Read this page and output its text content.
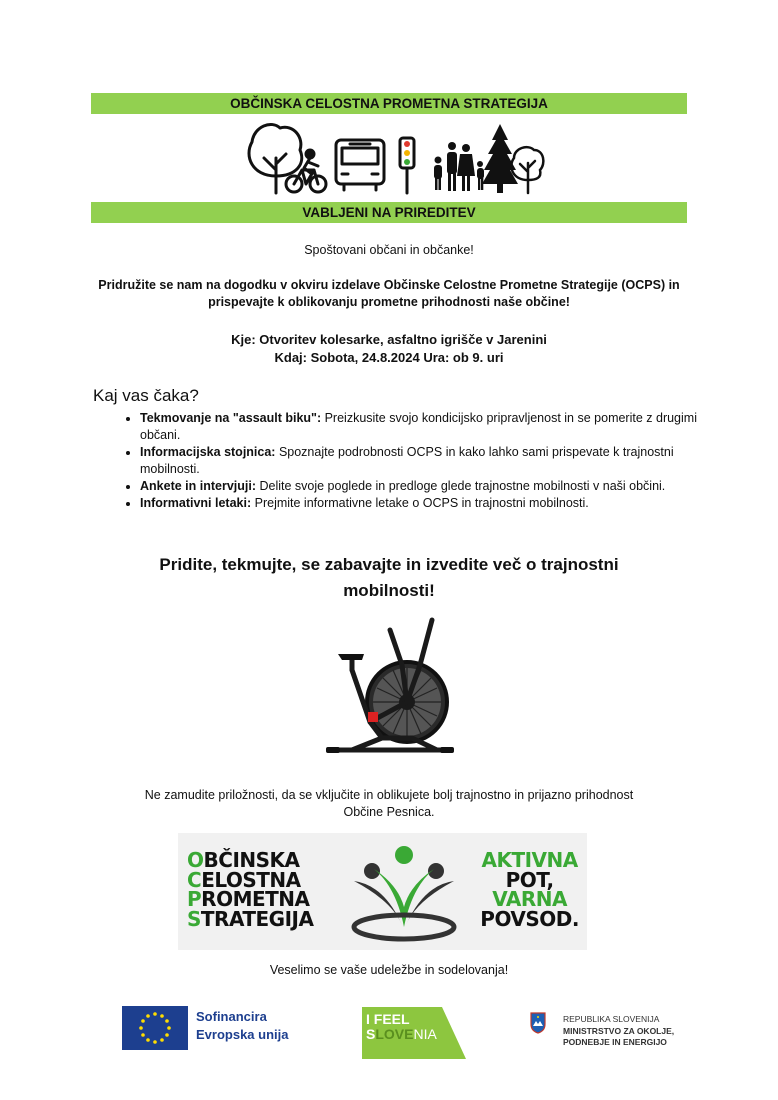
OBČINSKA CELOSTNA PROMETNA STRATEGIJA
VABLJENI NA PRIREDITEV
Spoštovani občani in občanke!
Pridružite se nam na dogodku v okviru izdelave Občinske Celostne Prometne Strategije (OCPS) in
prispevajte k oblikovanju prometne prihodnosti naše občine!
Kje: Otvoritev kolesarke, asfaltno igrišče v Jarenini
Kdaj: Sobota, 24.8.2024 Ura: ob 9. uri
Kaj vas čaka?
• Tekmovanje na "assault biku": Preizkusite svojo kondicijsko pripravljenost in se pomerite z drugimi občani.
• Informacijska stojnica: Spoznajte podrobnosti OCPS in kako lahko sami prispevate k trajnostni mobilnosti.
• Ankete in intervjuji: Delite svoje poglede in predloge glede trajnostne mobilnosti v naši občini.
• Informativni letaki: Prejmite informativne letake o OCPS in trajnostni mobilnosti.
Pridite, tekmujte, se zabavajte in izvedite več o trajnostni
mobilnosti!
Ne zamudite priložnosti, da se vključite in oblikujete bolj trajnostno in prijazno prihodnost
Občine Pesnica.
OBČINSKA
CELOSTNA
PROMETNA
STRATEGIJA
AKTIVNA
POT,
VARNA
POVSOD.
Veselimo se vaše udeležbe in sodelovanja!
Sofinancira
Evropska unija
I FEEL
SLOVENIA
REPUBLIKA SLOVENIJA
MINISTRSTVO ZA OKOLJE,
PODNEBJE IN ENERGIJO
